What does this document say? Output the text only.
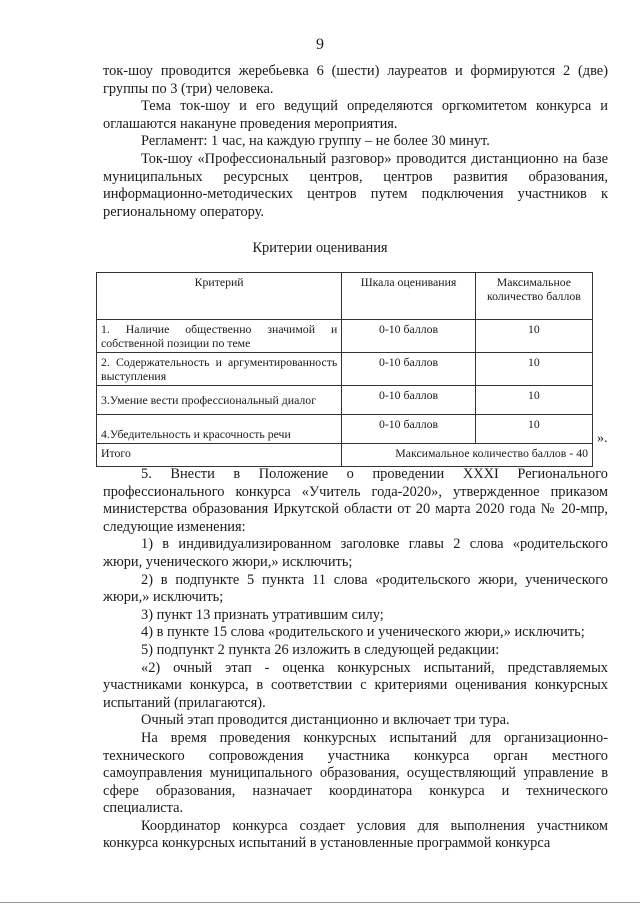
9

ток-шоу проводится жеребьевка 6 (шести) лауреатов и формируются 2 (две) группы по 3 (три) человека.

Тема ток-шоу и его ведущий определяются оргкомитетом конкурса и оглашаются накануне проведения мероприятия.

Регламент: 1 час, на каждую группу – не более 30 минут.

Ток-шоу «Профессиональный разговор» проводится дистанционно на базе муниципальных ресурсных центров, центров развития образования, информационно-методических центров путем подключения участников к региональному оператору.

Критерии оценивания
Критерий	Шкала оценивания	Максимальное количество баллов
1. Наличие общественно значимой и собственной позиции по теме	0-10 баллов	10
2. Содержательность и аргументированность выступления	0-10 баллов	10
3.Умение вести профессиональный диалог	0-10 баллов	10
4.Убедительность и красочность речи	0-10 баллов	10
Итого	Максимальное количество баллов - 40	
».

5. Внести в Положение о проведении XXXI Регионального профессионального конкурса «Учитель года-2020», утвержденное приказом министерства образования Иркутской области от 20 марта 2020 года № 20-мпр, следующие изменения:

1) в индивидуализированном заголовке главы 2 слова «родительского жюри, ученического жюри,» исключить;

2) в подпункте 5 пункта 11 слова «родительского жюри, ученического жюри,» исключить;

3) пункт 13 признать утратившим силу;

4) в пункте 15 слова «родительского и ученического жюри,» исключить;

5) подпункт 2 пункта 26 изложить в следующей редакции:

«2) очный этап - оценка конкурсных испытаний, представляемых участниками конкурса, в соответствии с критериями оценивания конкурсных испытаний (прилагаются).

Очный этап проводится дистанционно и включает три тура.

На время проведения конкурсных испытаний для организационно-технического сопровождения участника конкурса орган местного самоуправления муниципального образования, осуществляющий управление в сфере образования, назначает координатора конкурса и технического специалиста.

Координатор конкурса создает условия для выполнения участником конкурса конкурсных испытаний в установленные программой конкурса
